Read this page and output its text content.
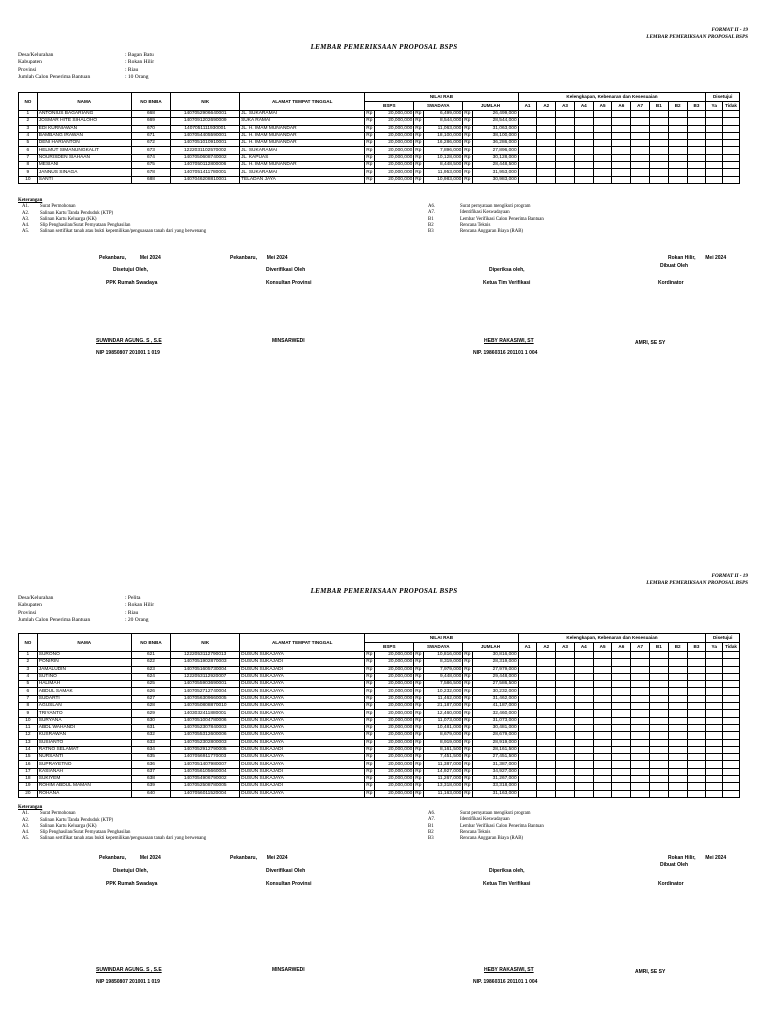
FORMAT II - 19
LEMBAR PEMERIKSAAN PROPOSAL BSPS
LEMBAR PEMERIKSAAN PROPOSAL BSPS
Desa/Kelurahan	: Bagan Batu
Kabupaten	: Rokan Hilir
Provinsi	: Riau
Jumlah Calon Penerima Bantuan	: 10 Orang
NO	NAMA	NO BNBA	NIK	ALAMAT TEMPAT TINGGAL	NILAI RAB						Kelengkapan, Kebenaran dan Kesesuaian										Disetujui	
					BSPS		SWADAYA		JUMLAH		A1	A2	A3	A4	A5	A6	A7	B1	B2	B3	Ya	Tidak
1	ANTONIUS BAGARIANG	668	1407052906640001	JL. SUKARAMAI	Rp	20,000,000	Rp	6,499,000	Rp	26,499,000												
2	JOSMAR HITE SIHALOHO	669	1407091202690009	SUKA RAMAI	Rp	20,000,000	Rp	8,544,000	Rp	28,544,000												
3	EDI KURNIAWAN	670	1407051111930001	JL. H. IMAM MUNANDAR	Rp	20,000,000	Rp	11,063,000	Rp	31,063,000												
4	BAMBANG IRAWAN	671	1407054405590001	JL. H. IMAM MUNANDAR	Rp	20,000,000	Rp	18,100,000	Rp	38,100,000												
5	DENI HARIANTON	672	1407051010910001	JL. H. IMAM MUNANDAR	Rp	20,000,000	Rp	16,286,000	Rp	36,286,000												
6	HELMUT SIMANUNGKALIT	673	1222031102570002	JL. SUKARAMAI	Rp	20,000,000	Rp	7,896,000	Rp	27,896,000												
7	NOURISDEN SIAHAAN	674	1407050608740002	JL. KAPUAS	Rp	20,000,000	Rp	10,128,000	Rp	30,128,000												
8	MESIANI	675	1407050112800006	JL. H. IMAM MUNANDAR	Rp	20,000,000	Rp	8,448,500	Rp	28,448,500												
9	JANNUS SINAGA	678	1407051411780001	JL. SUKARAMAI	Rp	20,000,000	Rp	11,953,000	Rp	31,953,000												
10	SANTI	688	1407046208810001	TELADAN JAYA	Rp	20,000,000	Rp	10,983,000	Rp	30,983,000												
Keterangan
A1.	Surat Permohonan
A2.	Salinan Kartu Tanda Penduduk (KTP)
A3.	Salinan Kartu Keluarga (KK)
A4.	Slip Penghasilan/Surat Pernyataan Penghasilan
A5.	Salinan sertifikat tanah atau bukti kepemilikan/penguasaan tanah dari yang berwenang
A6.	Surat pernyataan mengikuti program
A7.	Identifikasi Keswadayaan
B1	Lembar Verifikasi Calon Penerima Bantuan
B2	Rencana Teknis
B3	Rencana Anggaran Biaya (RAB)
Pekanbaru,	Mei 2024	Pekanbaru, Mei 2024	Rokan Hilir, Mei 2024
Disetujui Oleh,	Diverifikasi Oleh	Diperiksa oleh,
Dibuat Oleh
PPK Rumah Swadaya	Konsultan Provinsi	Ketua Tim Verifikasi	Kordinator
SUWINDAR AGUNG. S , S.E
NIP 19850807 201001 1 019
MINSARWEDI	HEBY RAKASIWI, ST
NIP. 19860316 201101 1 004
AMRI, SE SY
FORMAT II - 19
LEMBAR PEMERIKSAAN PROPOSAL BSPS
LEMBAR PEMERIKSAAN PROPOSAL BSPS
Desa/Kelurahan	: Pelita
Kabupaten	: Rokan Hilir
Provinsi	: Riau
Jumlah Calon Penerima Bantuan	: 20 Orang
NO	NAMA	NO BNBA	NIK	ALAMAT TEMPAT TINGGAL	NILAI RAB						Kelengkapan, Kebenaran dan Kesesuaian										Disetujui	
					BSPS		SWADAYA		JUMLAH		A1	A2	A3	A4	A5	A6	A7	B1	B2	B3	Ya	Tidak
1	SURONO	621	1222053112790013	DUSUN SUKAJAYA	Rp	20,000,000	Rp	10,816,000	Rp	30,816,000												
2	PONIRIN	622	1407051902870003	DUSUN SUKAJADI	Rp	20,000,000	Rp	8,319,000	Rp	28,319,000												
3	JAMALUDIN	623	1407051605730004	DUSUN SUKAJADI	Rp	20,000,000	Rp	7,979,000	Rp	27,979,000												
4	SUTINO	624	1222053112920007	DUSUN SUKAJAYA	Rp	20,000,000	Rp	9,448,000	Rp	29,448,000												
5	HALIMAH	625	1407055903690001	DUSUN SUKAJAYA	Rp	20,000,000	Rp	7,586,500	Rp	27,586,500												
6	ABDUL SAMAK	626	1407052712740004	DUSUN SUKAJAYA	Rp	20,000,000	Rp	10,232,000	Rp	30,232,000												
7	SUDARTI	627	1407056309660005	DUSUN SUKAJAYA	Rp	20,000,000	Rp	11,462,000	Rp	31,462,000												
8	AGUSLAN	628	1407050808870010	DUSUN SUKAJAYA	Rp	20,000,000	Rp	21,187,000	Rp	41,187,000												
9	TRIYANTO	629	1403032411880001	DUSUN SUKAJAYA	Rp	20,000,000	Rp	12,460,000	Rp	32,460,000												
10	SURYANA	630	1407051004780006	DUSUN SUKAJAYA	Rp	20,000,000	Rp	11,073,000	Rp	31,073,000												
11	ABDL WAHANDI	631	1407052307840003	DUSUN SUKAJAYA	Rp	20,000,000	Rp	10,481,000	Rp	30,481,000												
12	KUSRAWAN	632	1407055312600006	DUSUN SUKAJAYA	Rp	20,000,000	Rp	8,679,000	Rp	28,679,000												
13	SUSIANTO	633	1407052302800003	DUSUN SUKAJAYA	Rp	20,000,000	Rp	8,919,000	Rp	28,919,000												
14	RATNO SELAMAT	634	1407052912790005	DUSUN SUKAJADI	Rp	20,000,000	Rp	8,161,500	Rp	28,161,500												
15	NURSANTI	635	1407056911770003	DUSUN SUKAJAYA	Rp	20,000,000	Rp	7,451,500	Rp	27,451,500												
16	SUPRAYETNO	636	1407051407980007	DUSUN SUKAJAYA	Rp	20,000,000	Rp	11,387,000	Rp	31,387,000												
17	KASIANAH	637	1407056105660004	DUSUN SUKAJADI	Rp	20,000,000	Rp	14,927,000	Rp	34,927,000												
18	SUKIYEM	638	1407054906790002	DUSUN SUKAJAYA	Rp	20,000,000	Rp	11,267,000	Rp	31,267,000												
19	ROHIM ABDUL MAMAN	639	1407052508780005	DUSUN SUKAJADI	Rp	20,000,000	Rp	13,318,000	Rp	33,318,000												
20	ROHANA	640	1407056011520004	DUSUN SUKAJAYA	Rp	20,000,000	Rp	11,163,000	Rp	31,163,000												
Keterangan
A1.	Surat Permohonan
A2.	Salinan Kartu Tanda Penduduk (KTP)
A3.	Salinan Kartu Keluarga (KK)
A4.	Slip Penghasilan/Surat Pernyataan Penghasilan
A5.	Salinan sertifikat tanah atau bukti kepemilikan/penguasaan tanah dari yang berwenang
A6.	Surat pernyataan mengikuti program
A7.	Identifikasi Keswadayaan
B1	Lembar Verifikasi Calon Penerima Bantuan
B2	Rencana Teknis
B3	Rencana Anggaran Biaya (RAB)
Pekanbaru,	Mei 2024	Pekanbaru, Mei 2024	Rokan Hilir, Mei 2024
Disetujui Oleh,	Diverifikasi Oleh	Diperiksa oleh,
Dibuat Oleh
PPK Rumah Swadaya	Konsultan Provinsi	Ketua Tim Verifikasi	Kordinator
SUWINDAR AGUNG. S , S.E
NIP 19850807 201001 1 019
MINSARWEDI	HEBY RAKASIWI, ST
NIP. 19860316 201101 1 004
AMRI, SE SY
